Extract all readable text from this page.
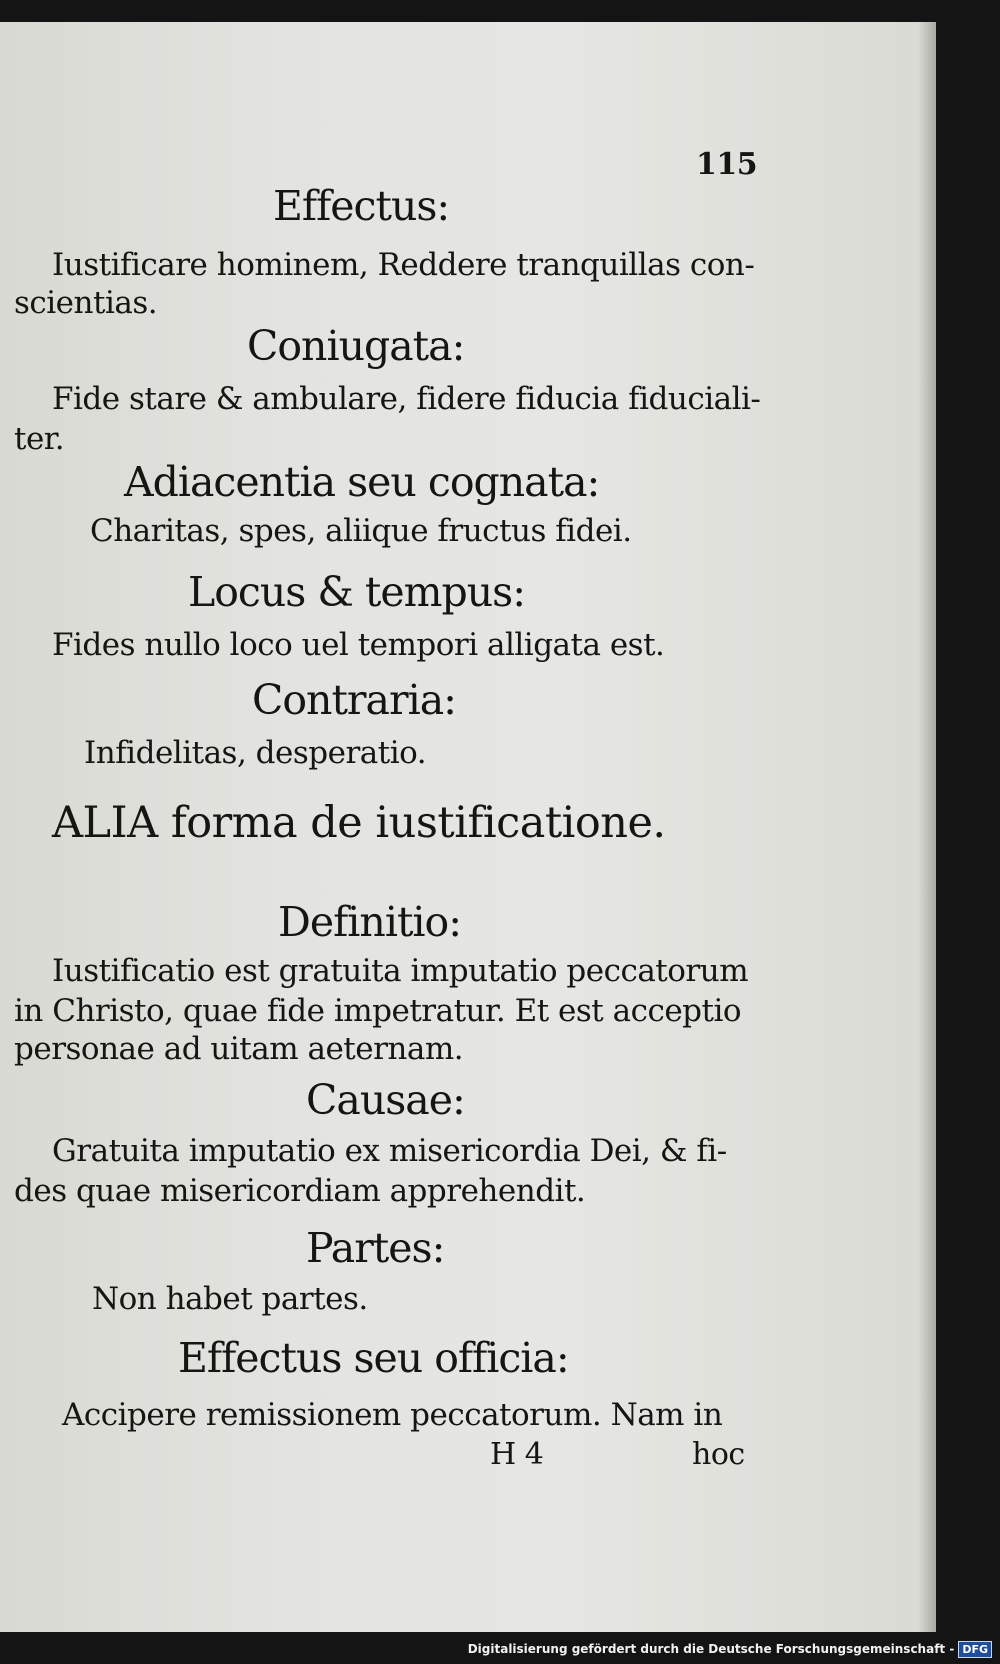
115
Effectus:
Iustificare hominem, Reddere tranquillas con-
scientias.
Coniugata:
Fide stare & ambulare, fidere fiducia fiduciali-
ter.
Adiacentia seu cognata:
Charitas, spes, aliique fructus fidei.
Locus & tempus:
Fides nullo loco uel tempori alligata est.
Contraria:
Infidelitas, desperatio.
ALIA forma de iustificatione.
Definitio:
Iustificatio est gratuita imputatio peccatorum
in Christo, quae fide impetratur. Et est acceptio
personae ad uitam aeternam.
Causae:
Gratuita imputatio ex misericordia Dei, & fi-
des quae misericordiam apprehendit.
Partes:
Non habet partes.
Effectus seu officia:
Accipere remissionem peccatorum. Nam in
H 4	hoc
Digitalisierung gefördert durch die Deutsche Forschungsgemeinschaft - DFG
